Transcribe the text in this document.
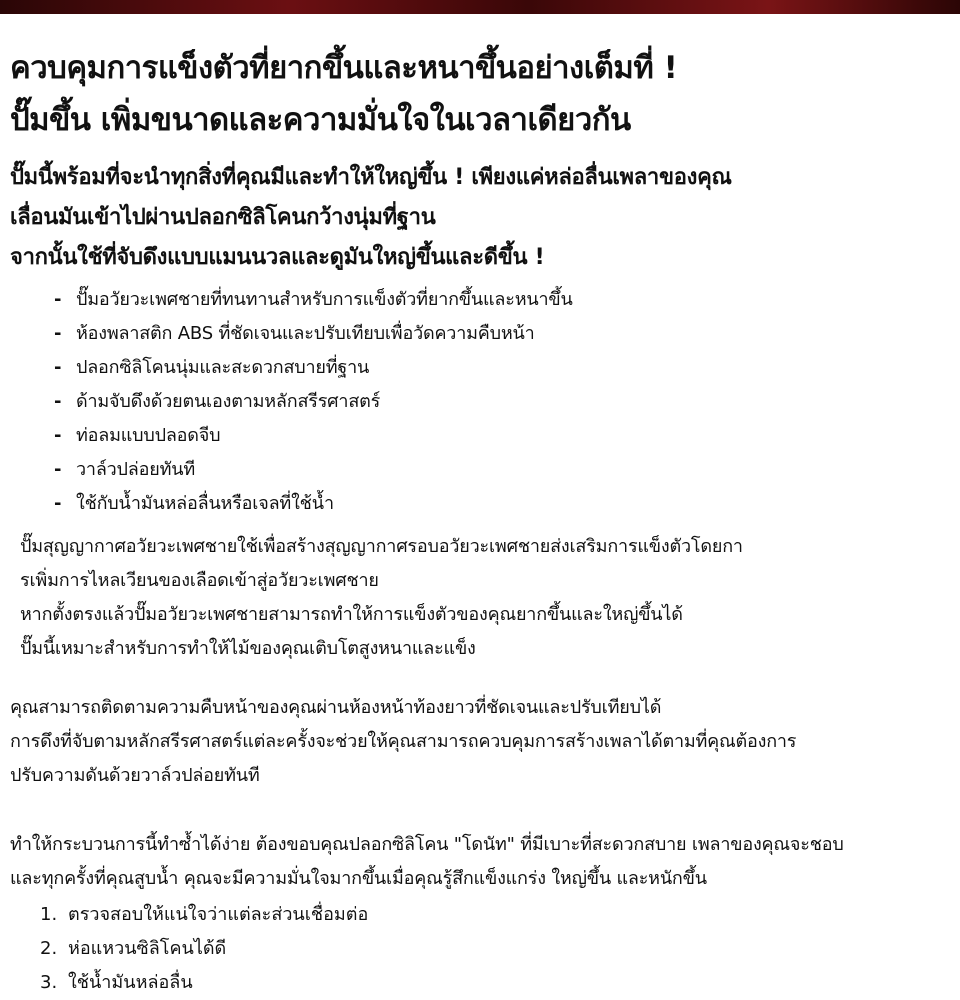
ควบคุมการแข็งตัวที่ยากขึ้นและหนาขึ้นอย่างเต็มที่ !
ปั๊มขึ้น เพิ่มขนาดและความมั่นใจในเวลาเดียวกัน

ปั๊มนี้พร้อมที่จะนำทุกสิ่งที่คุณมีและทำให้ใหญ่ขึ้น ! เพียงแค่หล่อลื่นเพลาของคุณ

เลื่อนมันเข้าไปผ่านปลอกซิลิโคนกว้างนุ่มที่ฐาน

จากนั้นใช้ที่จับดึงแบบแมนนวลและดูมันใหญ่ขึ้นและดีขึ้น !

- ปั๊มอวัยวะเพศชายที่ทนทานสำหรับการแข็งตัวที่ยากขึ้นและหนาขึ้น
- ห้องพลาสติก ABS ที่ชัดเจนและปรับเทียบเพื่อวัดความคืบหน้า
- ปลอกซิลิโคนนุ่มและสะดวกสบายที่ฐาน
- ด้ามจับดึงด้วยตนเองตามหลักสรีรศาสตร์
- ท่อลมแบบปลอดจีบ
- วาล์วปล่อยทันที
- ใช้กับน้ำมันหล่อลื่นหรือเจลที่ใช้น้ำ

ปั๊มสุญญากาศอวัยวะเพศชายใช้เพื่อสร้างสุญญากาศรอบอวัยวะเพศชายส่งเสริมการแข็งตัวโดยกา

รเพิ่มการไหลเวียนของเลือดเข้าสู่อวัยวะเพศชาย

หากตั้งตรงแล้วปั๊มอวัยวะเพศชายสามารถทำให้การแข็งตัวของคุณยากขึ้นและใหญ่ขึ้นได้

ปั๊มนี้เหมาะสำหรับการทำให้ไม้ของคุณเติบโตสูงหนาและแข็ง

คุณสามารถติดตามความคืบหน้าของคุณผ่านห้องหน้าท้องยาวที่ชัดเจนและปรับเทียบได้

การดึงที่จับตามหลักสรีรศาสตร์แต่ละครั้งจะช่วยให้คุณสามารถควบคุมการสร้างเพลาได้ตามที่คุณต้องการ

ปรับความดันด้วยวาล์วปล่อยทันที

ทำให้กระบวนการนี้ทำซ้ำได้ง่าย ต้องขอบคุณปลอกซิลิโคน "โดนัท" ที่มีเบาะที่สะดวกสบาย เพลาของคุณจะชอบ

และทุกครั้งที่คุณสูบน้ำ คุณจะมีความมั่นใจมากขึ้นเมื่อคุณรู้สึกแข็งแกร่ง ใหญ่ขึ้น และหนักขึ้น

1. ตรวจสอบให้แน่ใจว่าแต่ละส่วนเชื่อมต่อ
2. ห่อแหวนซิลิโคนได้ดี
3. ใช้น้ำมันหล่อลื่น
